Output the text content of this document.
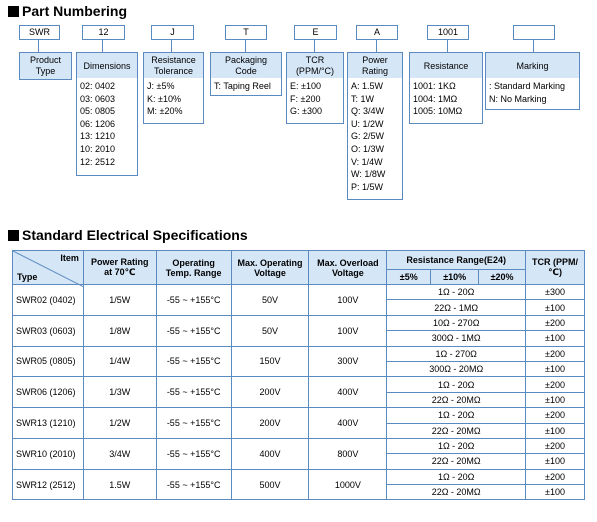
Part Numbering
SWR	12	J	T	E	A	1001
Product
Type
Dimensions
Resistance
Tolerance
Packaging
Code
TCR
(PPM/°C)
Power
Rating
Resistance	Marking
02: 0402
03: 0603
05: 0805
06: 1206
13: 1210
10: 2010
12: 2512
J: ±5%
K: ±10%
M: ±20%
T: Taping Reel	E: ±100
F: ±200
G: ±300
A: 1.5W
T: 1W
Q: 3/4W
U: 1/2W
G: 2/5W
O: 1/3W
V: 1/4W
W: 1/8W
P: 1/5W
1001: 1KΩ
1004: 1MΩ
1005: 10MΩ
: Standard Marking
N: No Marking
Standard Electrical Specifications
Item
Type	Power Rating at 70℃	Operating Temp. Range	Max. Operating Voltage	Max. Overload Voltage	Resistance Range(E24)			TCR (PPM/℃)
					±5%	±10%	±20%	
SWR02 (0402)	1/5W	-55 ~ +155°C	50V	100V	1Ω - 20Ω			±300
					22Ω - 1MΩ			±100
SWR03 (0603)	1/8W	-55 ~ +155°C	50V	100V	10Ω - 270Ω			±200
					300Ω - 1MΩ			±100
SWR05 (0805)	1/4W	-55 ~ +155°C	150V	300V	1Ω - 270Ω			±200
					300Ω - 20MΩ			±100
SWR06 (1206)	1/3W	-55 ~ +155°C	200V	400V	1Ω - 20Ω			±200
					22Ω - 20MΩ			±100
SWR13 (1210)	1/2W	-55 ~ +155°C	200V	400V	1Ω - 20Ω			±200
					22Ω - 20MΩ			±100
SWR10 (2010)	3/4W	-55 ~ +155°C	400V	800V	1Ω - 20Ω			±200
					22Ω - 20MΩ			±100
SWR12 (2512)	1.5W	-55 ~ +155°C	500V	1000V	1Ω - 20Ω			±200
					22Ω - 20MΩ			±100
